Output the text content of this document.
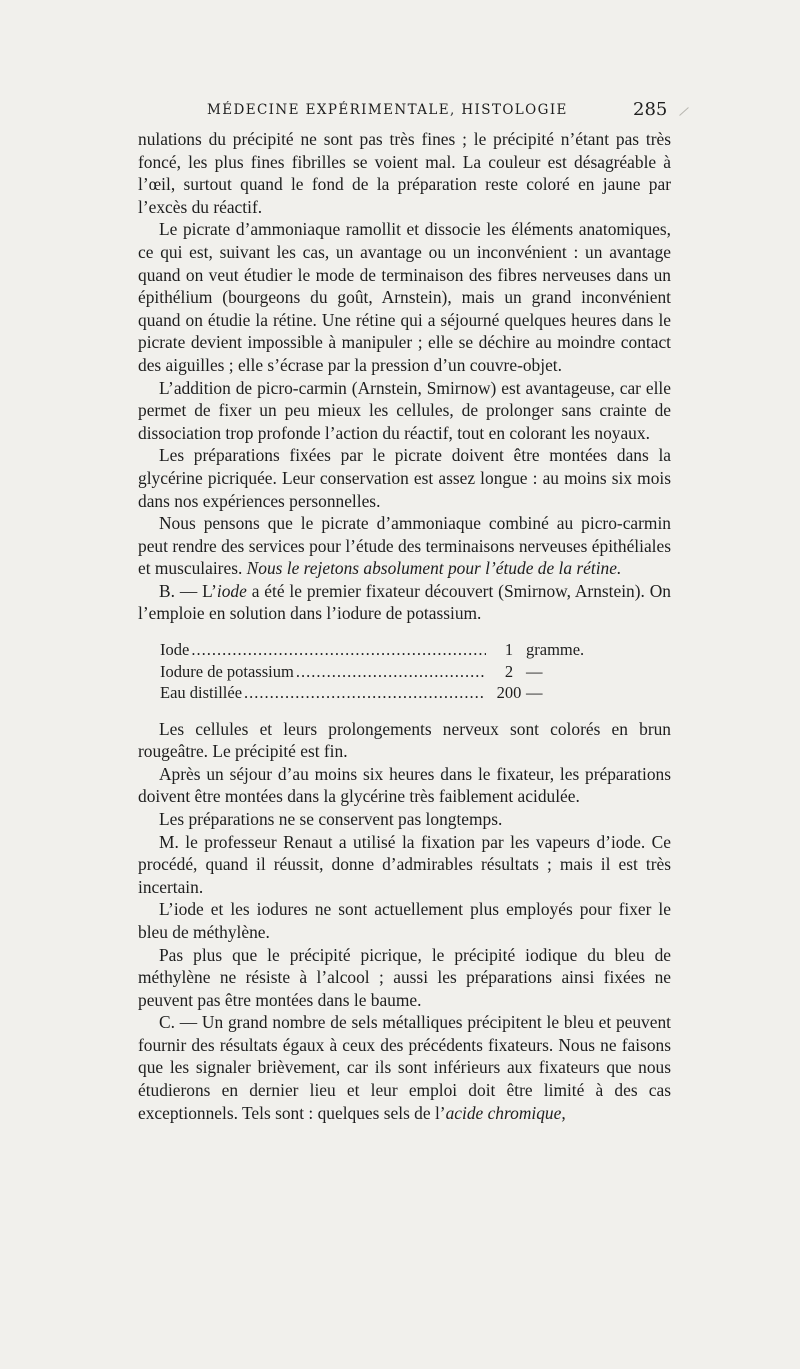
MÉDECINE EXPÉRIMENTALE, HISTOLOGIE	285

nulations du précipité ne sont pas très fines ; le précipité n’étant pas très foncé, les plus fines fibrilles se voient mal. La couleur est désagréable à l’œil, surtout quand le fond de la préparation reste coloré en jaune par l’excès du réactif.

Le picrate d’ammoniaque ramollit et dissocie les éléments anatomiques, ce qui est, suivant les cas, un avantage ou un inconvénient : un avantage quand on veut étudier le mode de terminaison des fibres nerveuses dans un épithélium (bourgeons du goût, Arnstein), mais un grand inconvénient quand on étudie la rétine. Une rétine qui a séjourné quelques heures dans le picrate devient impossible à manipuler ; elle se déchire au moindre contact des aiguilles ; elle s’écrase par la pression d’un couvre-objet.

L’addition de picro-carmin (Arnstein, Smirnow) est avantageuse, car elle permet de fixer un peu mieux les cellules, de prolonger sans crainte de dissociation trop profonde l’action du réactif, tout en colorant les noyaux.

Les préparations fixées par le picrate doivent être montées dans la glycérine picriquée. Leur conservation est assez longue : au moins six mois dans nos expériences personnelles.

Nous pensons que le picrate d’ammoniaque combiné au picro-carmin peut rendre des services pour l’étude des terminaisons nerveuses épithéliales et musculaires. Nous le rejetons absolument pour l’étude de la rétine.

B. — L’iode a été le premier fixateur découvert (Smirnow, Arnstein). On l’emploie en solution dans l’iodure de potassium.

Iode .....	1 gramme.
Iodure de potassium .....	2 —
Eau distillée .....	200 —

Les cellules et leurs prolongements nerveux sont colorés en brun rougeâtre. Le précipité est fin.

Après un séjour d’au moins six heures dans le fixateur, les préparations doivent être montées dans la glycérine très faiblement acidulée.

Les préparations ne se conservent pas longtemps.

M. le professeur Renaut a utilisé la fixation par les vapeurs d’iode. Ce procédé, quand il réussit, donne d’admirables résultats ; mais il est très incertain.

L’iode et les iodures ne sont actuellement plus employés pour fixer le bleu de méthylène.

Pas plus que le précipité picrique, le précipité iodique du bleu de méthylène ne résiste à l’alcool ; aussi les préparations ainsi fixées ne peuvent pas être montées dans le baume.

C. — Un grand nombre de sels métalliques précipitent le bleu et peuvent fournir des résultats égaux à ceux des précédents fixateurs. Nous ne faisons que les signaler brièvement, car ils sont inférieurs aux fixateurs que nous étudierons en dernier lieu et leur emploi doit être limité à des cas exceptionnels. Tels sont : quelques sels de l’acide chromique,
